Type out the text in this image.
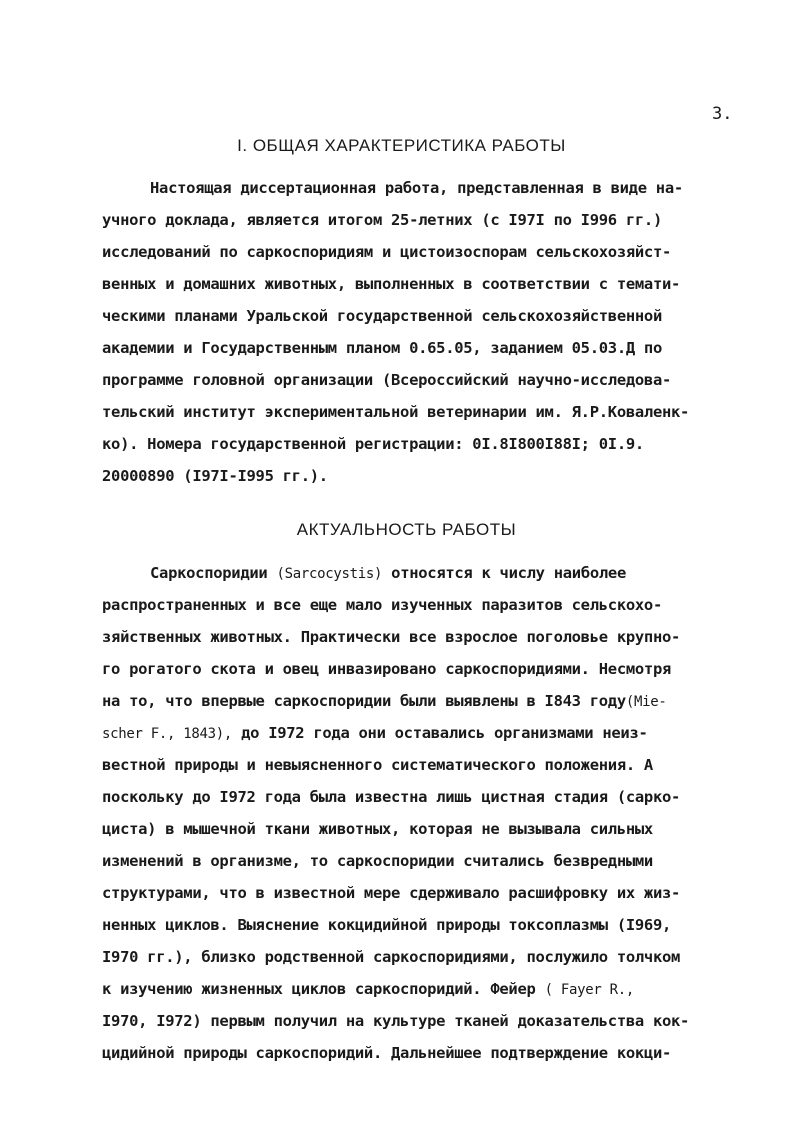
3.
I. ОБЩАЯ ХАРАКТЕРИСТИКА РАБОТЫ
Настоящая диссертационная работа, представленная в виде на-
учного доклада, является итогом 25-летних (с I97I по I996 гг.)
исследований по саркоспоридиям и цистоизоспорам сельскохозяйст-
венных и домашних животных, выполненных в соответствии с темати-
ческими планами Уральской государственной сельскохозяйственной
академии и Государственным планом 0.65.05, заданием 05.03.Д по
программе головной организации (Всероссийский научно-исследова-
тельский институт экспериментальной ветеринарии им. Я.Р.Коваленк-
ко). Номера государственной регистрации: 0I.8I800I88I; 0I.9.
20000890 (I97I-I995 гг.).
АКТУАЛЬНОСТЬ РАБОТЫ
Саркоспоридии (Sarcocystis) относятся к числу наиболее
распространенных и все еще мало изученных паразитов сельскохо-
зяйственных животных. Практически все взрослое поголовье крупно-
го рогатого скота и овец инвазировано саркоспоридиями. Несмотря
на то, что впервые саркоспоридии были выявлены в I843 году(Mie-
scher F., 1843), до I972 года они оставались организмами неиз-
вестной природы и невыясненного систематического положения. А
поскольку до I972 года была известна лишь цистная стадия (сарко-
циста) в мышечной ткани животных, которая не вызывала сильных
изменений в организме, то саркоспоридии считались безвредными
структурами, что в известной мере сдерживало расшифровку их жиз-
ненных циклов. Выяснение кокцидийной природы токсоплазмы (I969,
I970 гг.), близко родственной саркоспоридиями, послужило толчком
к изучению жизненных циклов саркоспоридий. Фейер ( Fayer R.,
I970, I972) первым получил на культуре тканей доказательства кок-
цидийной природы саркоспоридий. Дальнейшее подтверждение кокци-
